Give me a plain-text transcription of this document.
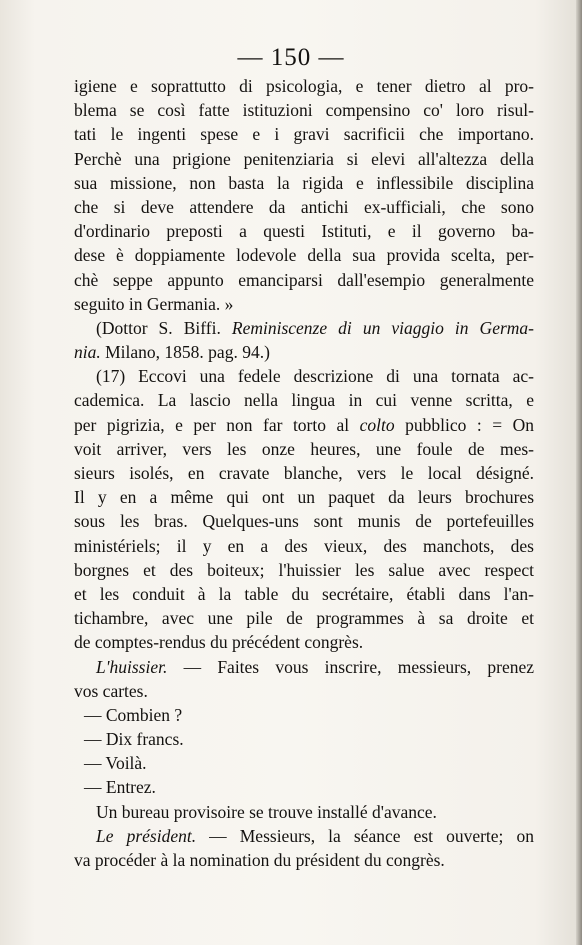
— 150 —
igiene e soprattutto di psicologia, e tener dietro al pro-
blema se così fatte istituzioni compensino co' loro risul-
tati le ingenti spese e i gravi sacrificii che importano.
Perchè una prigione penitenziaria si elevi all'altezza della
sua missione, non basta la rigida e inflessibile disciplina
che si deve attendere da antichi ex-ufficiali, che sono
d'ordinario preposti a questi Istituti, e il governo ba-
dese è doppiamente lodevole della sua provida scelta, per-
chè seppe appunto emanciparsi dall'esempio generalmente
seguito in Germania. »
(Dottor S. Biffi. Reminiscenze di un viaggio in Germa-
nia. Milano, 1858. pag. 94.)
(17) Eccovi una fedele descrizione di una tornata ac-
cademica. La lascio nella lingua in cui venne scritta, e
per pigrizia, e per non far torto al colto pubblico : = On
voit arriver, vers les onze heures, une foule de mes-
sieurs isolés, en cravate blanche, vers le local désigné.
Il y en a même qui ont un paquet da leurs brochures
sous les bras. Quelques-uns sont munis de portefeuilles
ministériels; il y en a des vieux, des manchots, des
borgnes et des boiteux; l'huissier les salue avec respect
et les conduit à la table du secrétaire, établi dans l'an-
tichambre, avec une pile de programmes à sa droite et
de comptes-rendus du précédent congrès.
L'huissier. — Faites vous inscrire, messieurs, prenez
vos cartes.
— Combien ?
— Dix francs.
— Voilà.
— Entrez.
Un bureau provisoire se trouve installé d'avance.
Le président. — Messieurs, la séance est ouverte; on
va procéder à la nomination du président du congrès.
